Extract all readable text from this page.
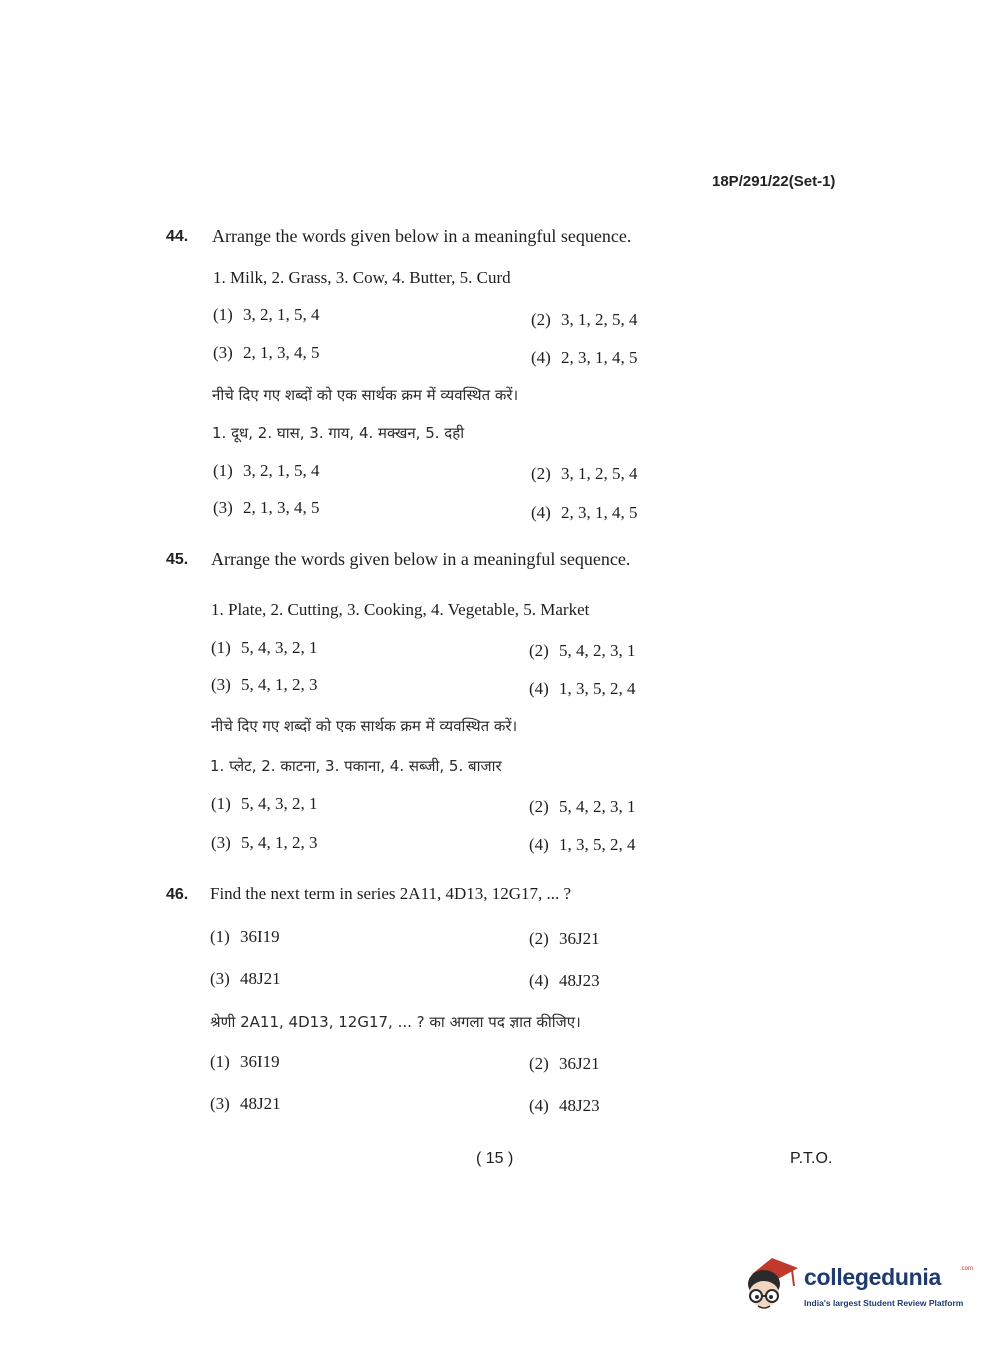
18P/291/22(Set-1)
44. Arrange the words given below in a meaningful sequence.
1. Milk, 2. Grass, 3. Cow, 4. Butter, 5. Curd
(1) 3, 2, 1, 5, 4	(2) 3, 1, 2, 5, 4
(3) 2, 1, 3, 4, 5	(4) 2, 3, 1, 4, 5
नीचे दिए गए शब्दों को एक सार्थक क्रम में व्यवस्थित करें।
1. दूध, 2. घास, 3. गाय, 4. मक्खन, 5. दही
(1) 3, 2, 1, 5, 4	(2) 3, 1, 2, 5, 4
(3) 2, 1, 3, 4, 5	(4) 2, 3, 1, 4, 5
45. Arrange the words given below in a meaningful sequence.
1. Plate, 2. Cutting, 3. Cooking, 4. Vegetable, 5. Market
(1) 5, 4, 3, 2, 1	(2) 5, 4, 2, 3, 1
(3) 5, 4, 1, 2, 3	(4) 1, 3, 5, 2, 4
नीचे दिए गए शब्दों को एक सार्थक क्रम में व्यवस्थित करें।
1. प्लेट, 2. काटना, 3. पकाना, 4. सब्जी, 5. बाजार
(1) 5, 4, 3, 2, 1	(2) 5, 4, 2, 3, 1
(3) 5, 4, 1, 2, 3	(4) 1, 3, 5, 2, 4
46. Find the next term in series 2A11, 4D13, 12G17, ... ?
(1) 36I19	(2) 36J21
(3) 48J21	(4) 48J23
श्रेणी 2A11, 4D13, 12G17, ... ? का अगला पद ज्ञात कीजिए।
(1) 36I19	(2) 36J21
(3) 48J21	(4) 48J23
( 15 )	P.T.O.
collegedunia	.com
India's largest Student Review Platform
